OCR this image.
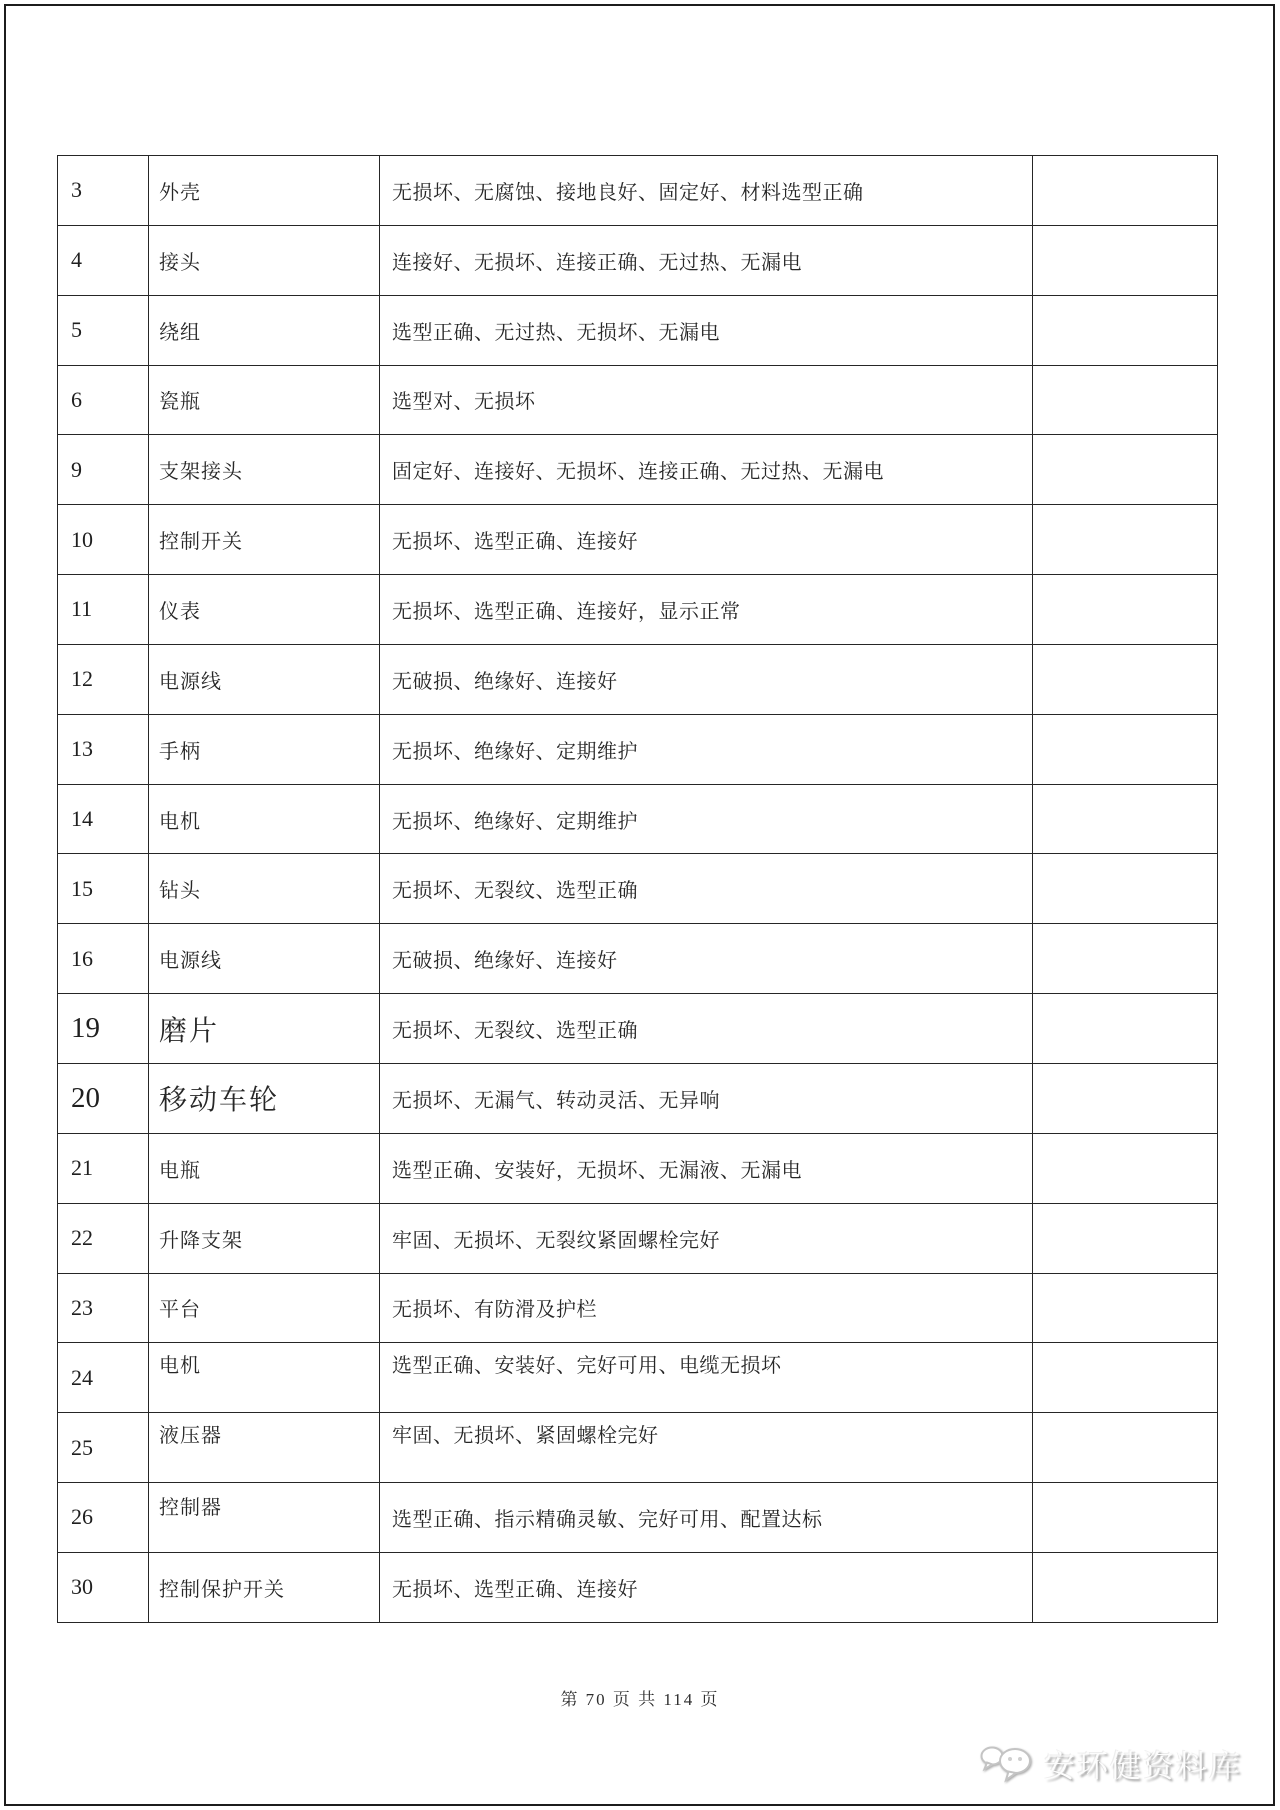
3	外壳	无损坏、无腐蚀、接地良好、固定好、材料选型正确	
4	接头	连接好、无损坏、连接正确、无过热、无漏电	
5	绕组	选型正确、无过热、无损坏、无漏电	
6	瓷瓶	选型对、无损坏	
9	支架接头	固定好、连接好、无损坏、连接正确、无过热、无漏电	
10	控制开关	无损坏、选型正确、连接好	
11	仪表	无损坏、选型正确、连接好，显示正常	
12	电源线	无破损、绝缘好、连接好	
13	手柄	无损坏、绝缘好、定期维护	
14	电机	无损坏、绝缘好、定期维护	
15	钻头	无损坏、无裂纹、选型正确	
16	电源线	无破损、绝缘好、连接好	
19	磨片	无损坏、无裂纹、选型正确	
20	移动车轮	无损坏、无漏气、转动灵活、无异响	
21	电瓶	选型正确、安装好，无损坏、无漏液、无漏电	
22	升降支架	牢固、无损坏、无裂纹紧固螺栓完好	
23	平台	无损坏、有防滑及护栏	
24	电机	选型正确、安装好、完好可用、电缆无损坏	
25	液压器	牢固、无损坏、紧固螺栓完好	
26	控制器	选型正确、指示精确灵敏、完好可用、配置达标	
30	控制保护开关	无损坏、选型正确、连接好	
第 70 页 共 114 页
安环健资料库
